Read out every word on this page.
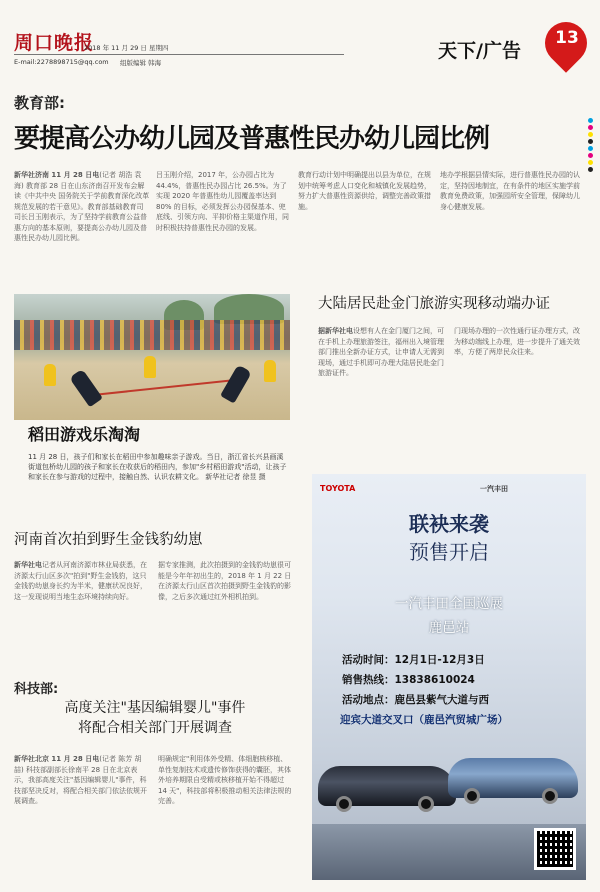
周口晚报
2018 年 11 月 29 日 星期四
E-mail:2278898715@qq.com 组版编辑 韩海
天下/广告
13
教育部:
要提高公办幼儿园及普惠性民办幼儿园比例

新华社济南 11 月 28 日电(记者 胡浩 袁海) 教育部 28 日在山东济南召开发布会解读《中共中央 国务院关于学前教育深化改革规范发展的若干意见》。教育部基础教育司司长吕玉刚表示，为了坚持学前教育公益普惠方向的基本原则，要提高公办幼儿园及普惠性民办幼儿园比例。

吕玉刚介绍，2017 年，公办园占比为 44.4%，普惠性民办园占比 26.5%。为了实现 2020 年普惠性幼儿园覆盖率达到 80% 的目标，必须发挥公办园保基本、兜底线、引领方向、平抑价格主渠道作用，同时积极扶持普惠性民办园的发展。

教育行动计划中明确提出以县为单位，在规划中统筹考虑人口变化和城镇化发展趋势，努力扩大普惠性资源供给，调整完善政策措施。

地办学根据县情实际，进行普惠性民办园的认定，坚持因地制宜，在有条件的地区实施学前教育免费政策，加强园所安全管理，保障幼儿身心健康发展。

稻田游戏乐淘淘
11 月 28 日，孩子们和家长在稻田中参加趣味亲子游戏。当日，浙江省长兴县画溪街道包桥幼儿园的孩子和家长在收获后的稻田内，参加"乡村稻田游戏"活动，让孩子和家长在参与游戏的过程中，接触自然、认识农耕文化。 新华社记者 徐昱 摄
大陆居民赴金门旅游实现移动端办证

据新华社电设想有人在金门厦门之间，可在手机上办理旅游签注，福州出入境管理部门推出全新办证方式，让申请人无需到现场，通过手机即可办理大陆居民赴金门旅游证件。

门现场办理的一次性通行证办理方式，改为移动端线上办理，进一步提升了通关效率，方便了两岸民众往来。

河南首次拍到野生金钱豹幼崽

新华社电记者从河南济源市林业局获悉，在济源太行山区多次"拍到"野生金钱豹，这只金钱豹幼崽身长约为半米，健康状况良好，这一发现说明当地生态环境持续向好。

据专家推测，此次拍摄到的金钱豹幼崽很可能是今年年初出生的，2018 年 1 月 22 日在济源太行山区首次拍摄到野生金钱豹的影像，之后多次通过红外相机拍到。

科技部:
高度关注"基因编辑婴儿"事件
将配合相关部门开展调查

新华社北京 11 月 28 日电(记者 陈芳 胡喆) 科技部副部长徐南平 28 日在北京表示，我部高度关注"基因编辑婴儿"事件，科技部坚决反对，将配合相关部门依法依规开展调查。

明确规定"利用体外受精、体细胞核移植、单性复制技术或遗传修饰获得的囊胚，其体外培养期限自受精或核移植开始不得超过 14 天"，科技部将积极推动相关法律法规的完善。

TOYOTA	一汽丰田
联袂来袭
预售开启
一汽丰田全国巡展
鹿邑站
活动时间：12月1日-12月3日
销售热线：13838610024
活动地点：鹿邑县紫气大道与西
迎宾大道交叉口（鹿邑汽贸城广场）
